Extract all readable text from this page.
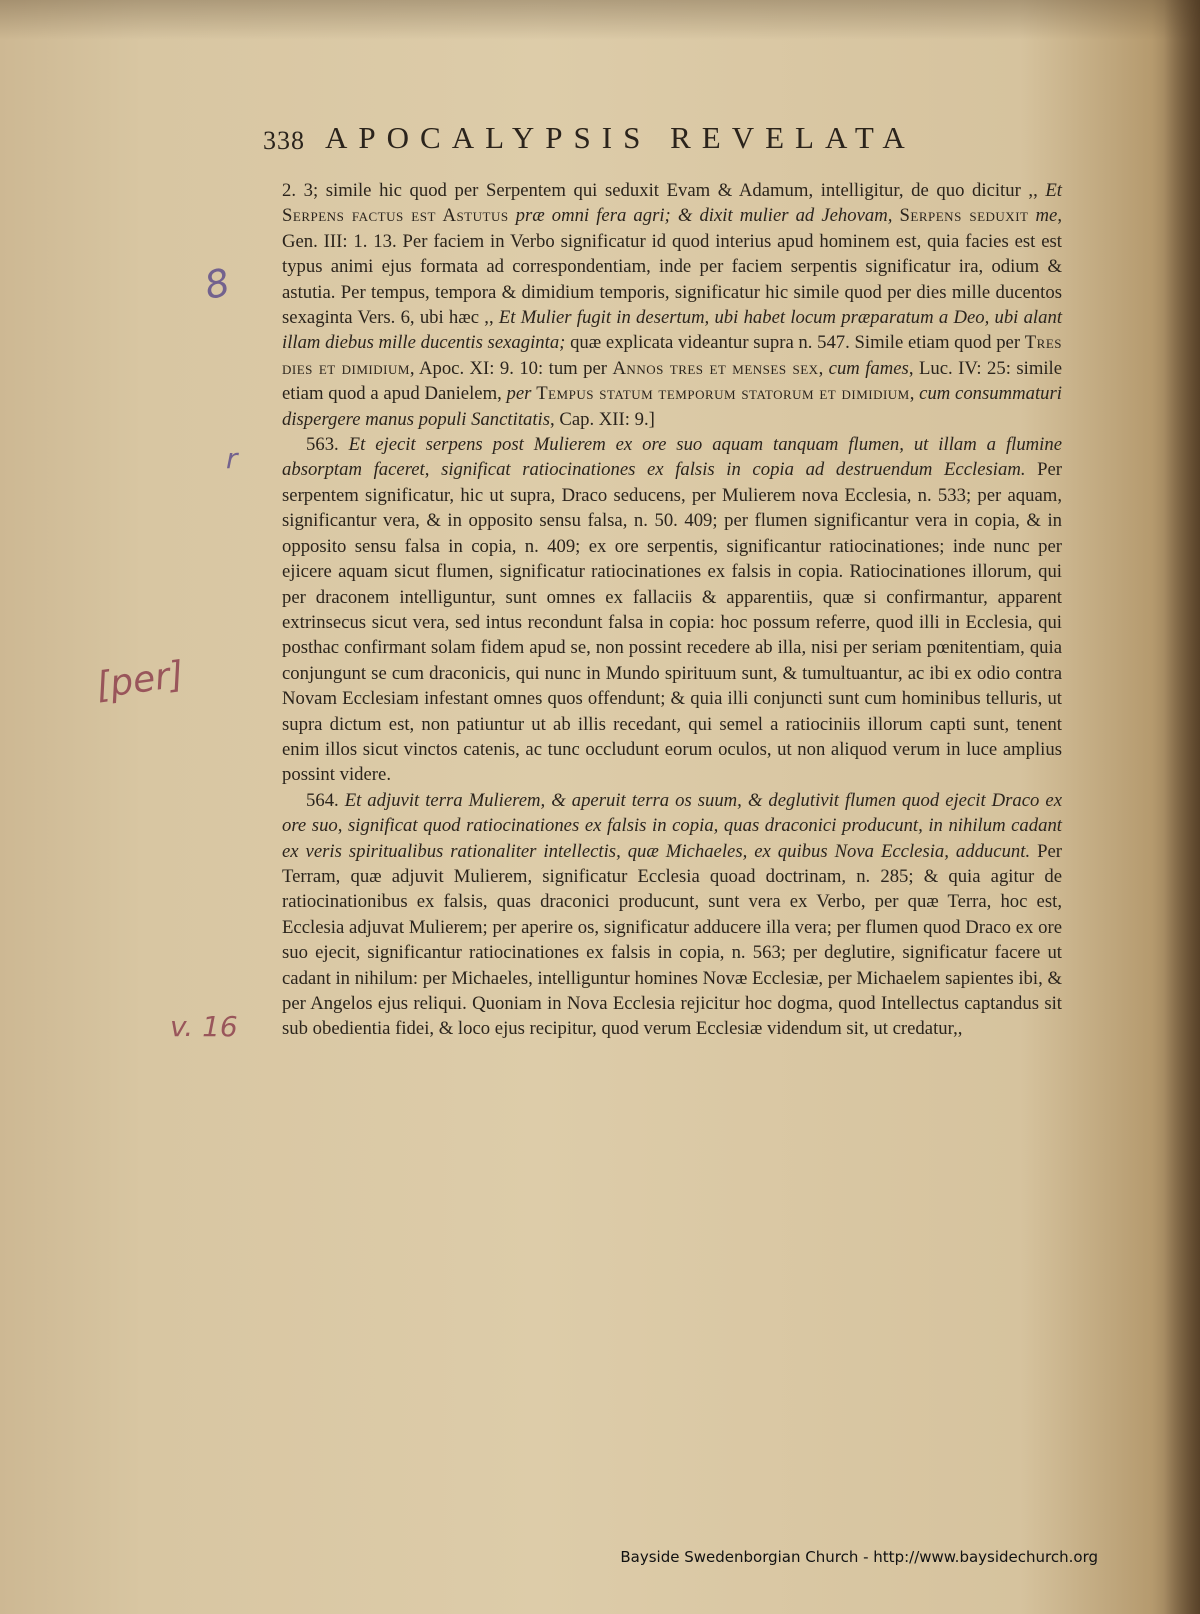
338 APOCALYPSIS REVELATA

2. 3; simile hic quod per Serpentem qui seduxit Evam & Adamum, intelligitur, de quo dicitur ,, Et Serpens factus est Astutus præ omni fera agri; & dixit mulier ad Jehovam, Serpens seduxit me, Gen. III: 1. 13. Per faciem in Verbo significatur id quod interius apud hominem est, quia facies est est typus animi ejus formata ad correspondentiam, inde per faciem serpentis significatur ira, odium & astutia. Per tempus, tempora & dimidium temporis, significatur hic simile quod per dies mille ducentos sexaginta Vers. 6, ubi hæc ,, Et Mulier fugit in desertum, ubi habet locum præparatum a Deo, ubi alant illam diebus mille ducentis sexaginta; quæ explicata videantur supra n. 547. Simile etiam quod per Tres dies et dimidium, Apoc. XI: 9. 10: tum per Annos tres et menses sex, cum fames, Luc. IV: 25: simile etiam quod a apud Danielem, per Tempus statum temporum statorum et dimidium, cum consummaturi dispergere manus populi Sanctitatis, Cap. XII: 9.]

563. Et ejecit serpens post Mulierem ex ore suo aquam tanquam flumen, ut illam a flumine absorptam faceret, significat ratiocinationes ex falsis in copia ad destruendum Ecclesiam. Per serpentem significatur, hic ut supra, Draco seducens, per Mulierem nova Ecclesia, n. 533; per aquam, significantur vera, & in opposito sensu falsa, n. 50. 409; per flumen significantur vera in copia, & in opposito sensu falsa in copia, n. 409; ex ore serpentis, significantur ratiocinationes; inde nunc per ejicere aquam sicut flumen, significatur ratiocinationes ex falsis in copia. Ratiocinationes illorum, qui per draconem intelliguntur, sunt omnes ex fallaciis & apparentiis, quæ si confirmantur, apparent extrinsecus sicut vera, sed intus recondunt falsa in copia: hoc possum referre, quod illi in Ecclesia, qui posthac confirmant solam fidem apud se, non possint recedere ab illa, nisi per seriam pœnitentiam, quia conjungunt se cum draconicis, qui nunc in Mundo spirituum sunt, & tumultuantur, ac ibi ex odio contra Novam Ecclesiam infestant omnes quos offendunt; & quia illi conjuncti sunt cum hominibus telluris, ut supra dictum est, non patiuntur ut ab illis recedant, qui semel a ratiociniis illorum capti sunt, tenent enim illos sicut vinctos catenis, ac tunc occludunt eorum oculos, ut non aliquod verum in luce amplius possint videre.

564. Et adjuvit terra Mulierem, & aperuit terra os suum, & deglutivit flumen quod ejecit Draco ex ore suo, significat quod ratiocinationes ex falsis in copia, quas draconici producunt, in nihilum cadant ex veris spiritualibus rationaliter intellectis, quæ Michaeles, ex quibus Nova Ecclesia, adducunt. Per Terram, quæ adjuvit Mulierem, significatur Ecclesia quoad doctrinam, n. 285; & quia agitur de ratiocinationibus ex falsis, quas draconici producunt, sunt vera ex Verbo, per quæ Terra, hoc est, Ecclesia adjuvat Mulierem; per aperire os, significatur adducere illa vera; per flumen quod Draco ex ore suo ejecit, significantur ratiocinationes ex falsis in copia, n. 563; per deglutire, significatur facere ut cadant in nihilum: per Michaeles, intelliguntur homines Novæ Ecclesiæ, per Michaelem sapientes ibi, & per Angelos ejus reliqui. Quoniam in Nova Ecclesia rejicitur hoc dogma, quod Intellectus captandus sit sub obedientia fidei, & loco ejus recipitur, quod verum Ecclesiæ videndum sit, ut credatur,,

8
r
[per]
v. 16
Bayside Swedenborgian Church - http://www.baysidechurch.org
